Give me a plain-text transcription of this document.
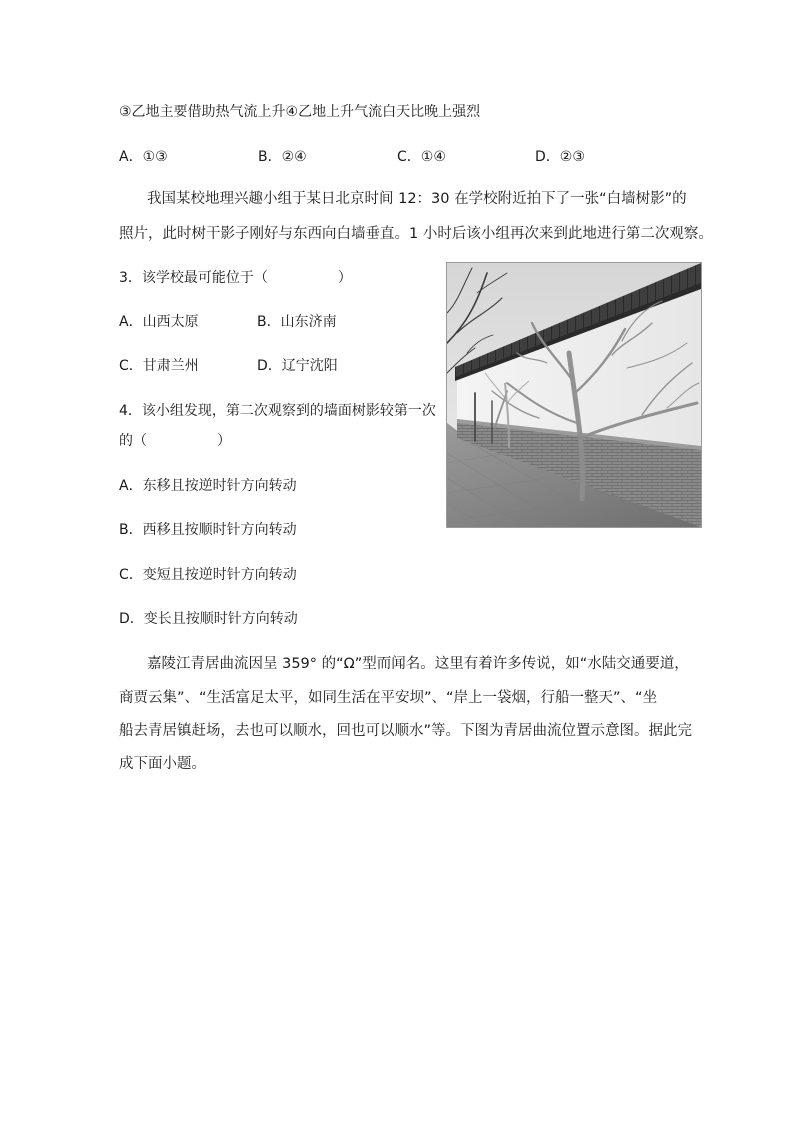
③乙地主要借助热气流上升④乙地上升气流白天比晚上强烈
A．①③	B．②④	C．①④	D．②③
我国某校地理兴趣小组于某日北京时间 12：30 在学校附近拍下了一张“白墙树影”的
照片，此时树干影子刚好与东西向白墙垂直。1 小时后该小组再次来到此地进行第二次观察。
3．该学校最可能位于（　　　　　）
A．山西太原	B．山东济南
C．甘肃兰州	D．辽宁沈阳
4．该小组发现，第二次观察到的墙面树影较第一次
的（　　　　　）
A．东移且按逆时针方向转动
B．西移且按顺时针方向转动
C．变短且按逆时针方向转动
D．变长且按顺时针方向转动
嘉陵江青居曲流因呈 359° 的“Ω”型而闻名。这里有着许多传说，如“水陆交通要道，
商贾云集”、“生活富足太平，如同生活在平安坝”、“岸上一袋烟，行船一整天”、“坐
船去青居镇赶场，去也可以顺水，回也可以顺水”等。下图为青居曲流位置示意图。据此完
成下面小题。
